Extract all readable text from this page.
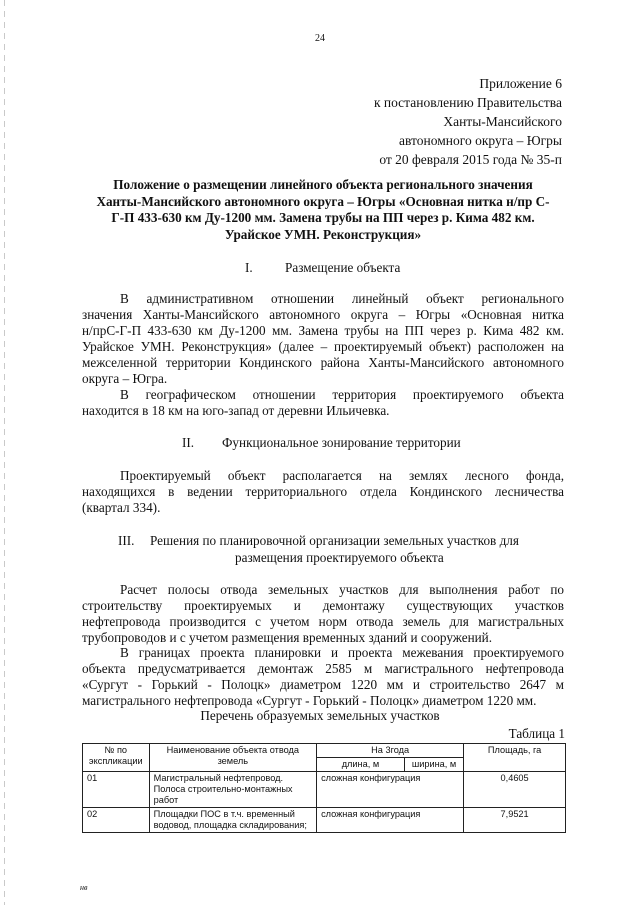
24
Приложение 6
к постановлению Правительства
Ханты-Мансийского
автономного округа – Югры
от 20 февраля 2015 года № 35-п
Положение о размещении линейного объекта регионального значения
Ханты-Мансийского автономного округа – Югры «Основная нитка н/пр С-
Г-П 433-630 км Ду-1200 мм. Замена трубы на ПП через р. Кима 482 км.
Урайское УМН. Реконструкция»
I. Размещение объекта
В административном отношении линейный объект регионального
значения Ханты-Мансийского автономного округа – Югры «Основная нитка
н/прС-Г-П 433-630 км Ду-1200 мм. Замена трубы на ПП через р. Кима 482 км.
Урайское УМН. Реконструкция» (далее – проектируемый объект) расположен на
межселенной территории Кондинского района Ханты-Мансийского автономного
округа – Югра.
В географическом отношении территория проектируемого объекта
находится в 18 км на юго-запад от деревни Ильичевка.
II. Функциональное зонирование территории
Проектируемый объект располагается на землях лесного фонда,
находящихся в ведении территориального отдела Кондинского лесничества
(квартал 334).
III. Решения по планировочной организации земельных участков для
размещения проектируемого объекта
Расчет полосы отвода земельных участков для выполнения работ по
строительству проектируемых и демонтажу существующих участков
нефтепровода производится с учетом норм отвода земель для магистральных
трубопроводов и с учетом размещения временных зданий и сооружений.
В границах проекта планировки и проекта межевания проектируемого
объекта предусматривается демонтаж 2585 м магистрального нефтепровода
«Сургут - Горький - Полоцк» диаметром 1220 мм и строительство 2647 м
магистрального нефтепровода «Сургут - Горький - Полоцк» диаметром 1220 мм.
Перечень образуемых земельных участков
Таблица 1
№ по
экспликации	Наименование объекта отвода
земель	На 3года		Площадь, га
		длина, м	ширина, м	
01	Магистральный нефтепровод.
Полоса строительно-монтажных
работ	сложная конфигурация		0,4605
02	Площадки ПОС в т.ч. временный
водовод, площадка складирования;	сложная конфигурация		7,9521
нв
